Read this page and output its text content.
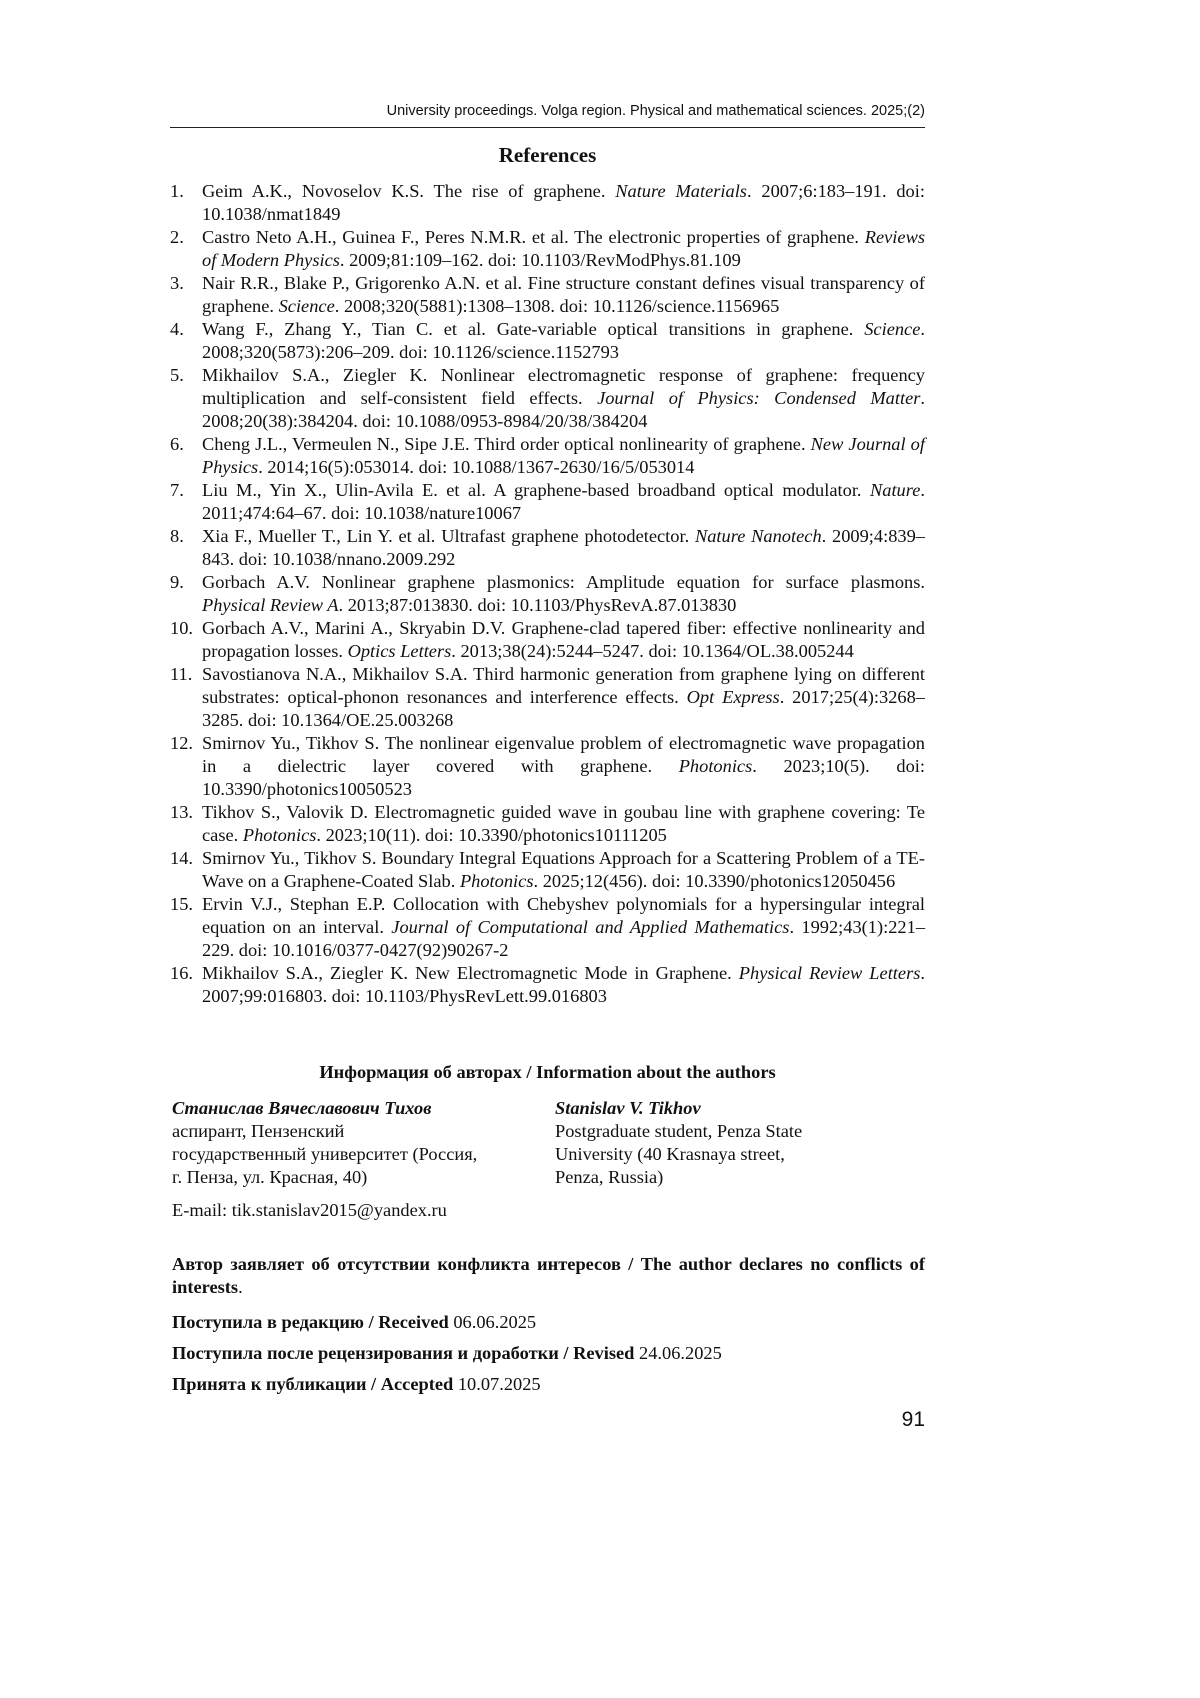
University proceedings. Volga region. Physical and mathematical sciences. 2025;(2)
References
1. Geim A.K., Novoselov K.S. The rise of graphene. Nature Materials. 2007;6:183–191. doi: 10.1038/nmat1849
2. Castro Neto A.H., Guinea F., Peres N.M.R. et al. The electronic properties of graphene. Reviews of Modern Physics. 2009;81:109–162. doi: 10.1103/RevModPhys.81.109
3. Nair R.R., Blake P., Grigorenko A.N. et al. Fine structure constant defines visual transparency of graphene. Science. 2008;320(5881):1308–1308. doi: 10.1126/science.1156965
4. Wang F., Zhang Y., Tian C. et al. Gate-variable optical transitions in graphene. Science. 2008;320(5873):206–209. doi: 10.1126/science.1152793
5. Mikhailov S.A., Ziegler K. Nonlinear electromagnetic response of graphene: frequency multiplication and self-consistent field effects. Journal of Physics: Condensed Matter. 2008;20(38):384204. doi: 10.1088/0953-8984/20/38/384204
6. Cheng J.L., Vermeulen N., Sipe J.E. Third order optical nonlinearity of graphene. New Journal of Physics. 2014;16(5):053014. doi: 10.1088/1367-2630/16/5/053014
7. Liu M., Yin X., Ulin-Avila E. et al. A graphene-based broadband optical modulator. Nature. 2011;474:64–67. doi: 10.1038/nature10067
8. Xia F., Mueller T., Lin Y. et al. Ultrafast graphene photodetector. Nature Nanotech. 2009;4:839–843. doi: 10.1038/nnano.2009.292
9. Gorbach A.V. Nonlinear graphene plasmonics: Amplitude equation for surface plasmons. Physical Review A. 2013;87:013830. doi: 10.1103/PhysRevA.87.013830
10. Gorbach A.V., Marini A., Skryabin D.V. Graphene-clad tapered fiber: effective nonlinearity and propagation losses. Optics Letters. 2013;38(24):5244–5247. doi: 10.1364/OL.38.005244
11. Savostianova N.A., Mikhailov S.A. Third harmonic generation from graphene lying on different substrates: optical-phonon resonances and interference effects. Opt Express. 2017;25(4):3268–3285. doi: 10.1364/OE.25.003268
12. Smirnov Yu., Tikhov S. The nonlinear eigenvalue problem of electromagnetic wave propagation in a dielectric layer covered with graphene. Photonics. 2023;10(5). doi: 10.3390/photonics10050523
13. Tikhov S., Valovik D. Electromagnetic guided wave in goubau line with graphene covering: Te case. Photonics. 2023;10(11). doi: 10.3390/photonics10111205
14. Smirnov Yu., Tikhov S. Boundary Integral Equations Approach for a Scattering Problem of a TE-Wave on a Graphene-Coated Slab. Photonics. 2025;12(456). doi: 10.3390/photonics12050456
15. Ervin V.J., Stephan E.P. Collocation with Chebyshev polynomials for a hypersingular integral equation on an interval. Journal of Computational and Applied Mathematics. 1992;43(1):221–229. doi: 10.1016/0377-0427(92)90267-2
16. Mikhailov S.A., Ziegler K. New Electromagnetic Mode in Graphene. Physical Review Letters. 2007;99:016803. doi: 10.1103/PhysRevLett.99.016803
Информация об авторах / Information about the authors
Станислав Вячеславович Тихов
аспирант, Пензенский
государственный университет (Россия,
г. Пенза, ул. Красная, 40)
Stanislav V. Tikhov
Postgraduate student, Penza State
University (40 Krasnaya street,
Penza, Russia)
E-mail: tik.stanislav2015@yandex.ru
Автор заявляет об отсутствии конфликта интересов / The author declares no conflicts of interests.
Поступила в редакцию / Received 06.06.2025
Поступила после рецензирования и доработки / Revised 24.06.2025
Принята к публикации / Accepted 10.07.2025
91
